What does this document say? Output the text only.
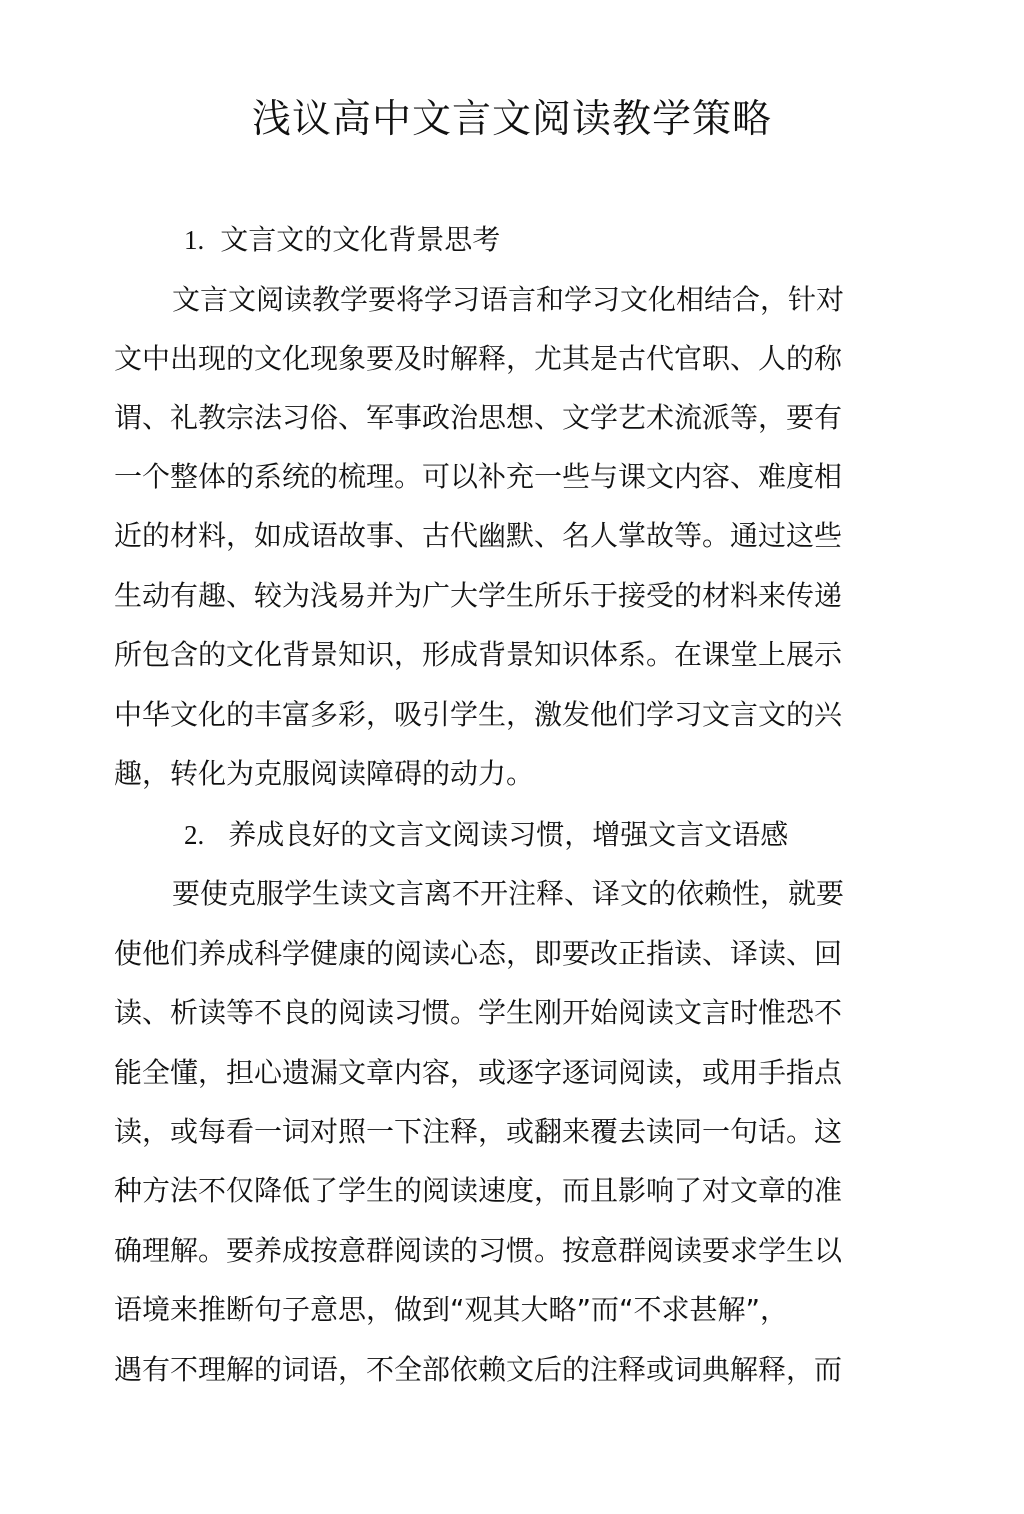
浅议高中文言文阅读教学策略
1. 文言文的文化背景思考
文言文阅读教学要将学习语言和学习文化相结合，针对
文中出现的文化现象要及时解释，尤其是古代官职、人的称
谓、礼教宗法习俗、军事政治思想、文学艺术流派等，要有
一个整体的系统的梳理。可以补充一些与课文内容、难度相
近的材料，如成语故事、古代幽默、名人掌故等。通过这些
生动有趣、较为浅易并为广大学生所乐于接受的材料来传递
所包含的文化背景知识，形成背景知识体系。在课堂上展示
中华文化的丰富多彩，吸引学生，激发他们学习文言文的兴
趣，转化为克服阅读障碍的动力。
2. 养成良好的文言文阅读习惯，增强文言文语感
要使克服学生读文言离不开注释、译文的依赖性，就要
使他们养成科学健康的阅读心态，即要改正指读、译读、回
读、析读等不良的阅读习惯。学生刚开始阅读文言时惟恐不
能全懂，担心遗漏文章内容，或逐字逐词阅读，或用手指点
读，或每看一词对照一下注释，或翻来覆去读同一句话。这
种方法不仅降低了学生的阅读速度，而且影响了对文章的准
确理解。要养成按意群阅读的习惯。按意群阅读要求学生以
语境来推断句子意思，做到“观其大略”而“不求甚解”，
遇有不理解的词语，不全部依赖文后的注释或词典解释，而
